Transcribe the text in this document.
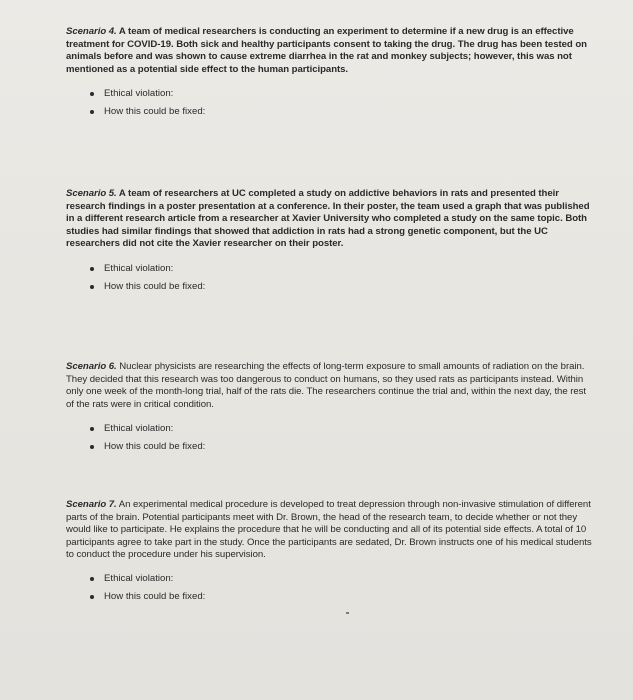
Scenario 4. A team of medical researchers is conducting an experiment to determine if a new drug is an effective treatment for COVID-19. Both sick and healthy participants consent to taking the drug. The drug has been tested on animals before and was shown to cause extreme diarrhea in the rat and monkey subjects; however, this was not mentioned as a potential side effect to the human participants.

Ethical violation:
How this could be fixed:

Scenario 5. A team of researchers at UC completed a study on addictive behaviors in rats and presented their research findings in a poster presentation at a conference. In their poster, the team used a graph that was published in a different research article from a researcher at Xavier University who completed a study on the same topic. Both studies had similar findings that showed that addiction in rats had a strong genetic component, but the UC researchers did not cite the Xavier researcher on their poster.

Ethical violation:
How this could be fixed:

Scenario 6. Nuclear physicists are researching the effects of long-term exposure to small amounts of radiation on the brain. They decided that this research was too dangerous to conduct on humans, so they used rats as participants instead. Within only one week of the month-long trial, half of the rats die. The researchers continue the trial and, within the next day, the rest of the rats were in critical condition.

Ethical violation:
How this could be fixed:

Scenario 7. An experimental medical procedure is developed to treat depression through non-invasive stimulation of different parts of the brain. Potential participants meet with Dr. Brown, the head of the research team, to decide whether or not they would like to participate. He explains the procedure that he will be conducting and all of its potential side effects. A total of 10 participants agree to take part in the study. Once the participants are sedated, Dr. Brown instructs one of his medical students to conduct the procedure under his supervision.

Ethical violation:
How this could be fixed:
